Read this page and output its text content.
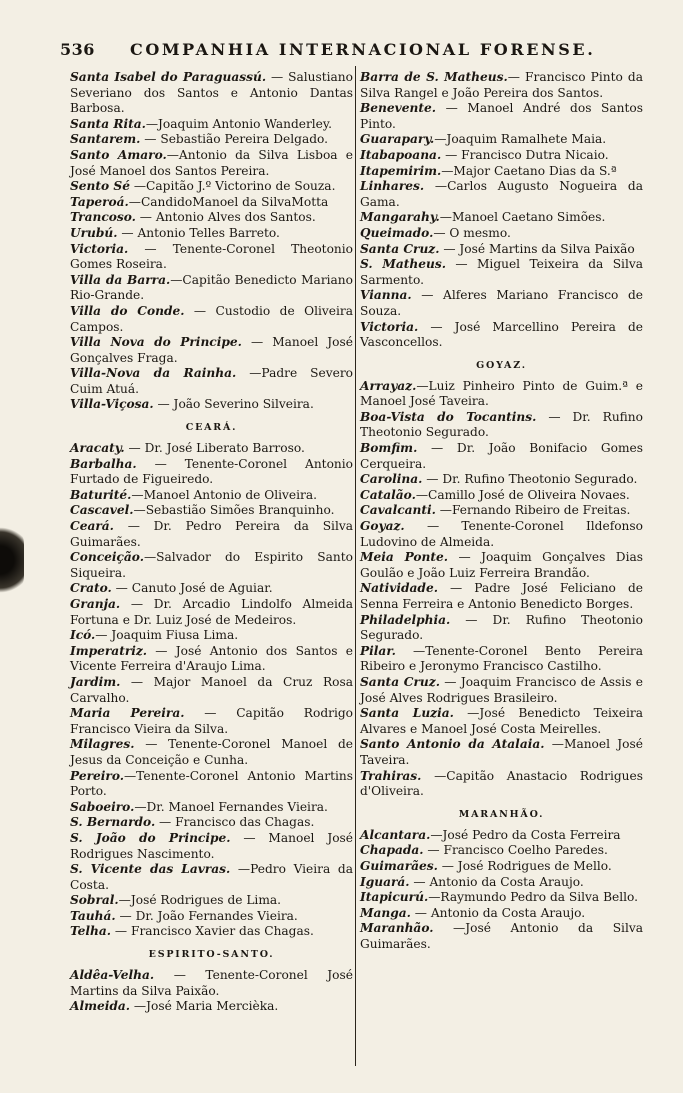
536 COMPANHIA INTERNACIONAL FORENSE.

Santa Isabel do Paraguassú. — Salustiano Severiano dos Santos e Antonio Dantas Barbosa.

Santa Rita.—Joaquim Antonio Wanderley.

Santarem. — Sebastião Pereira Delgado.

Santo Amaro.—Antonio da Silva Lisboa e José Manoel dos Santos Pereira.

Sento Sé —Capitão J.º Victorino de Souza.

Taperoá.—CandidoManoel da SilvaMotta

Trancoso. — Antonio Alves dos Santos.

Urubú. — Antonio Telles Barreto.

Victoria. — Tenente-Coronel Theotonio Gomes Roseira.

Villa da Barra.—Capitão Benedicto Mariano Rio-Grande.

Villa do Conde. — Custodio de Oliveira Campos.

Villa Nova do Principe. — Manoel José Gonçalves Fraga.

Villa-Nova da Rainha. —Padre Severo Cuim Atuá.

Villa-Viçosa. — João Severino Silveira.

CEARÁ.

Aracaty. — Dr. José Liberato Barroso.

Barbalha. — Tenente-Coronel Antonio Furtado de Figueiredo.

Baturité.—Manoel Antonio de Oliveira.

Cascavel.—Sebastião Simões Branquinho.

Ceará. — Dr. Pedro Pereira da Silva Guimarães.

Conceição.—Salvador do Espirito Santo Siqueira.

Crato. — Canuto José de Aguiar.

Granja. — Dr. Arcadio Lindolfo Almeida Fortuna e Dr. Luiz José de Medeiros.

Icó.— Joaquim Fiusa Lima.

Imperatriz. — José Antonio dos Santos e Vicente Ferreira d'Araujo Lima.

Jardim. — Major Manoel da Cruz Rosa Carvalho.

Maria Pereira. — Capitão Rodrigo Francisco Vieira da Silva.

Milagres. — Tenente-Coronel Manoel de Jesus da Conceição e Cunha.

Pereiro.—Tenente-Coronel Antonio Martins Porto.

Saboeiro.—Dr. Manoel Fernandes Vieira.

S. Bernardo. — Francisco das Chagas.

S. João do Principe. — Manoel José Rodrigues Nascimento.

S. Vicente das Lavras. —Pedro Vieira da Costa.

Sobral.—José Rodrigues de Lima.

Tauhá. — Dr. João Fernandes Vieira.

Telha. — Francisco Xavier das Chagas.

ESPIRITO-SANTO.

Aldêa-Velha. — Tenente-Coronel José Martins da Silva Paixão.

Almeida. —José Maria Mercièka.

Barra de S. Matheus.— Francisco Pinto da Silva Rangel e João Pereira dos Santos.

Benevente. — Manoel André dos Santos Pinto.

Guarapary.—Joaquim Ramalhete Maia.

Itabapoana. — Francisco Dutra Nicaio.

Itapemirim.—Major Caetano Dias da S.ª

Linhares. —Carlos Augusto Nogueira da Gama.

Mangarahy.—Manoel Caetano Simões.

Queimado.— O mesmo.

Santa Cruz. — José Martins da Silva Paixão

S. Matheus. — Miguel Teixeira da Silva Sarmento.

Vianna. — Alferes Mariano Francisco de Souza.

Victoria. — José Marcellino Pereira de Vasconcellos.

GOYAZ.

Arrayaz.—Luiz Pinheiro Pinto de Guim.ª e Manoel José Taveira.

Boa-Vista do Tocantins. — Dr. Rufino Theotonio Segurado.

Bomfim. — Dr. João Bonifacio Gomes Cerqueira.

Carolina. — Dr. Rufino Theotonio Segurado.

Catalão.—Camillo José de Oliveira Novaes.

Cavalcanti. —Fernando Ribeiro de Freitas.

Goyaz. — Tenente-Coronel Ildefonso Ludovino de Almeida.

Meia Ponte. — Joaquim Gonçalves Dias Goulão e João Luiz Ferreira Brandão.

Natividade. — Padre José Feliciano de Senna Ferreira e Antonio Benedicto Borges.

Philadelphia. — Dr. Rufino Theotonio Segurado.

Pilar. —Tenente-Coronel Bento Pereira Ribeiro e Jeronymo Francisco Castilho.

Santa Cruz. — Joaquim Francisco de Assis e José Alves Rodrigues Brasileiro.

Santa Luzia. —José Benedicto Teixeira Alvares e Manoel José Costa Meirelles.

Santo Antonio da Atalaia. —Manoel José Taveira.

Trahiras. —Capitão Anastacio Rodrigues d'Oliveira.

MARANHÃO.

Alcantara.—José Pedro da Costa Ferreira

Chapada. — Francisco Coelho Paredes.

Guimarães. — José Rodrigues de Mello.

Iguará. — Antonio da Costa Araujo.

Itapicurú.—Raymundo Pedro da Silva Bello.

Manga. — Antonio da Costa Araujo.

Maranhão. —José Antonio da Silva Guimarães.
